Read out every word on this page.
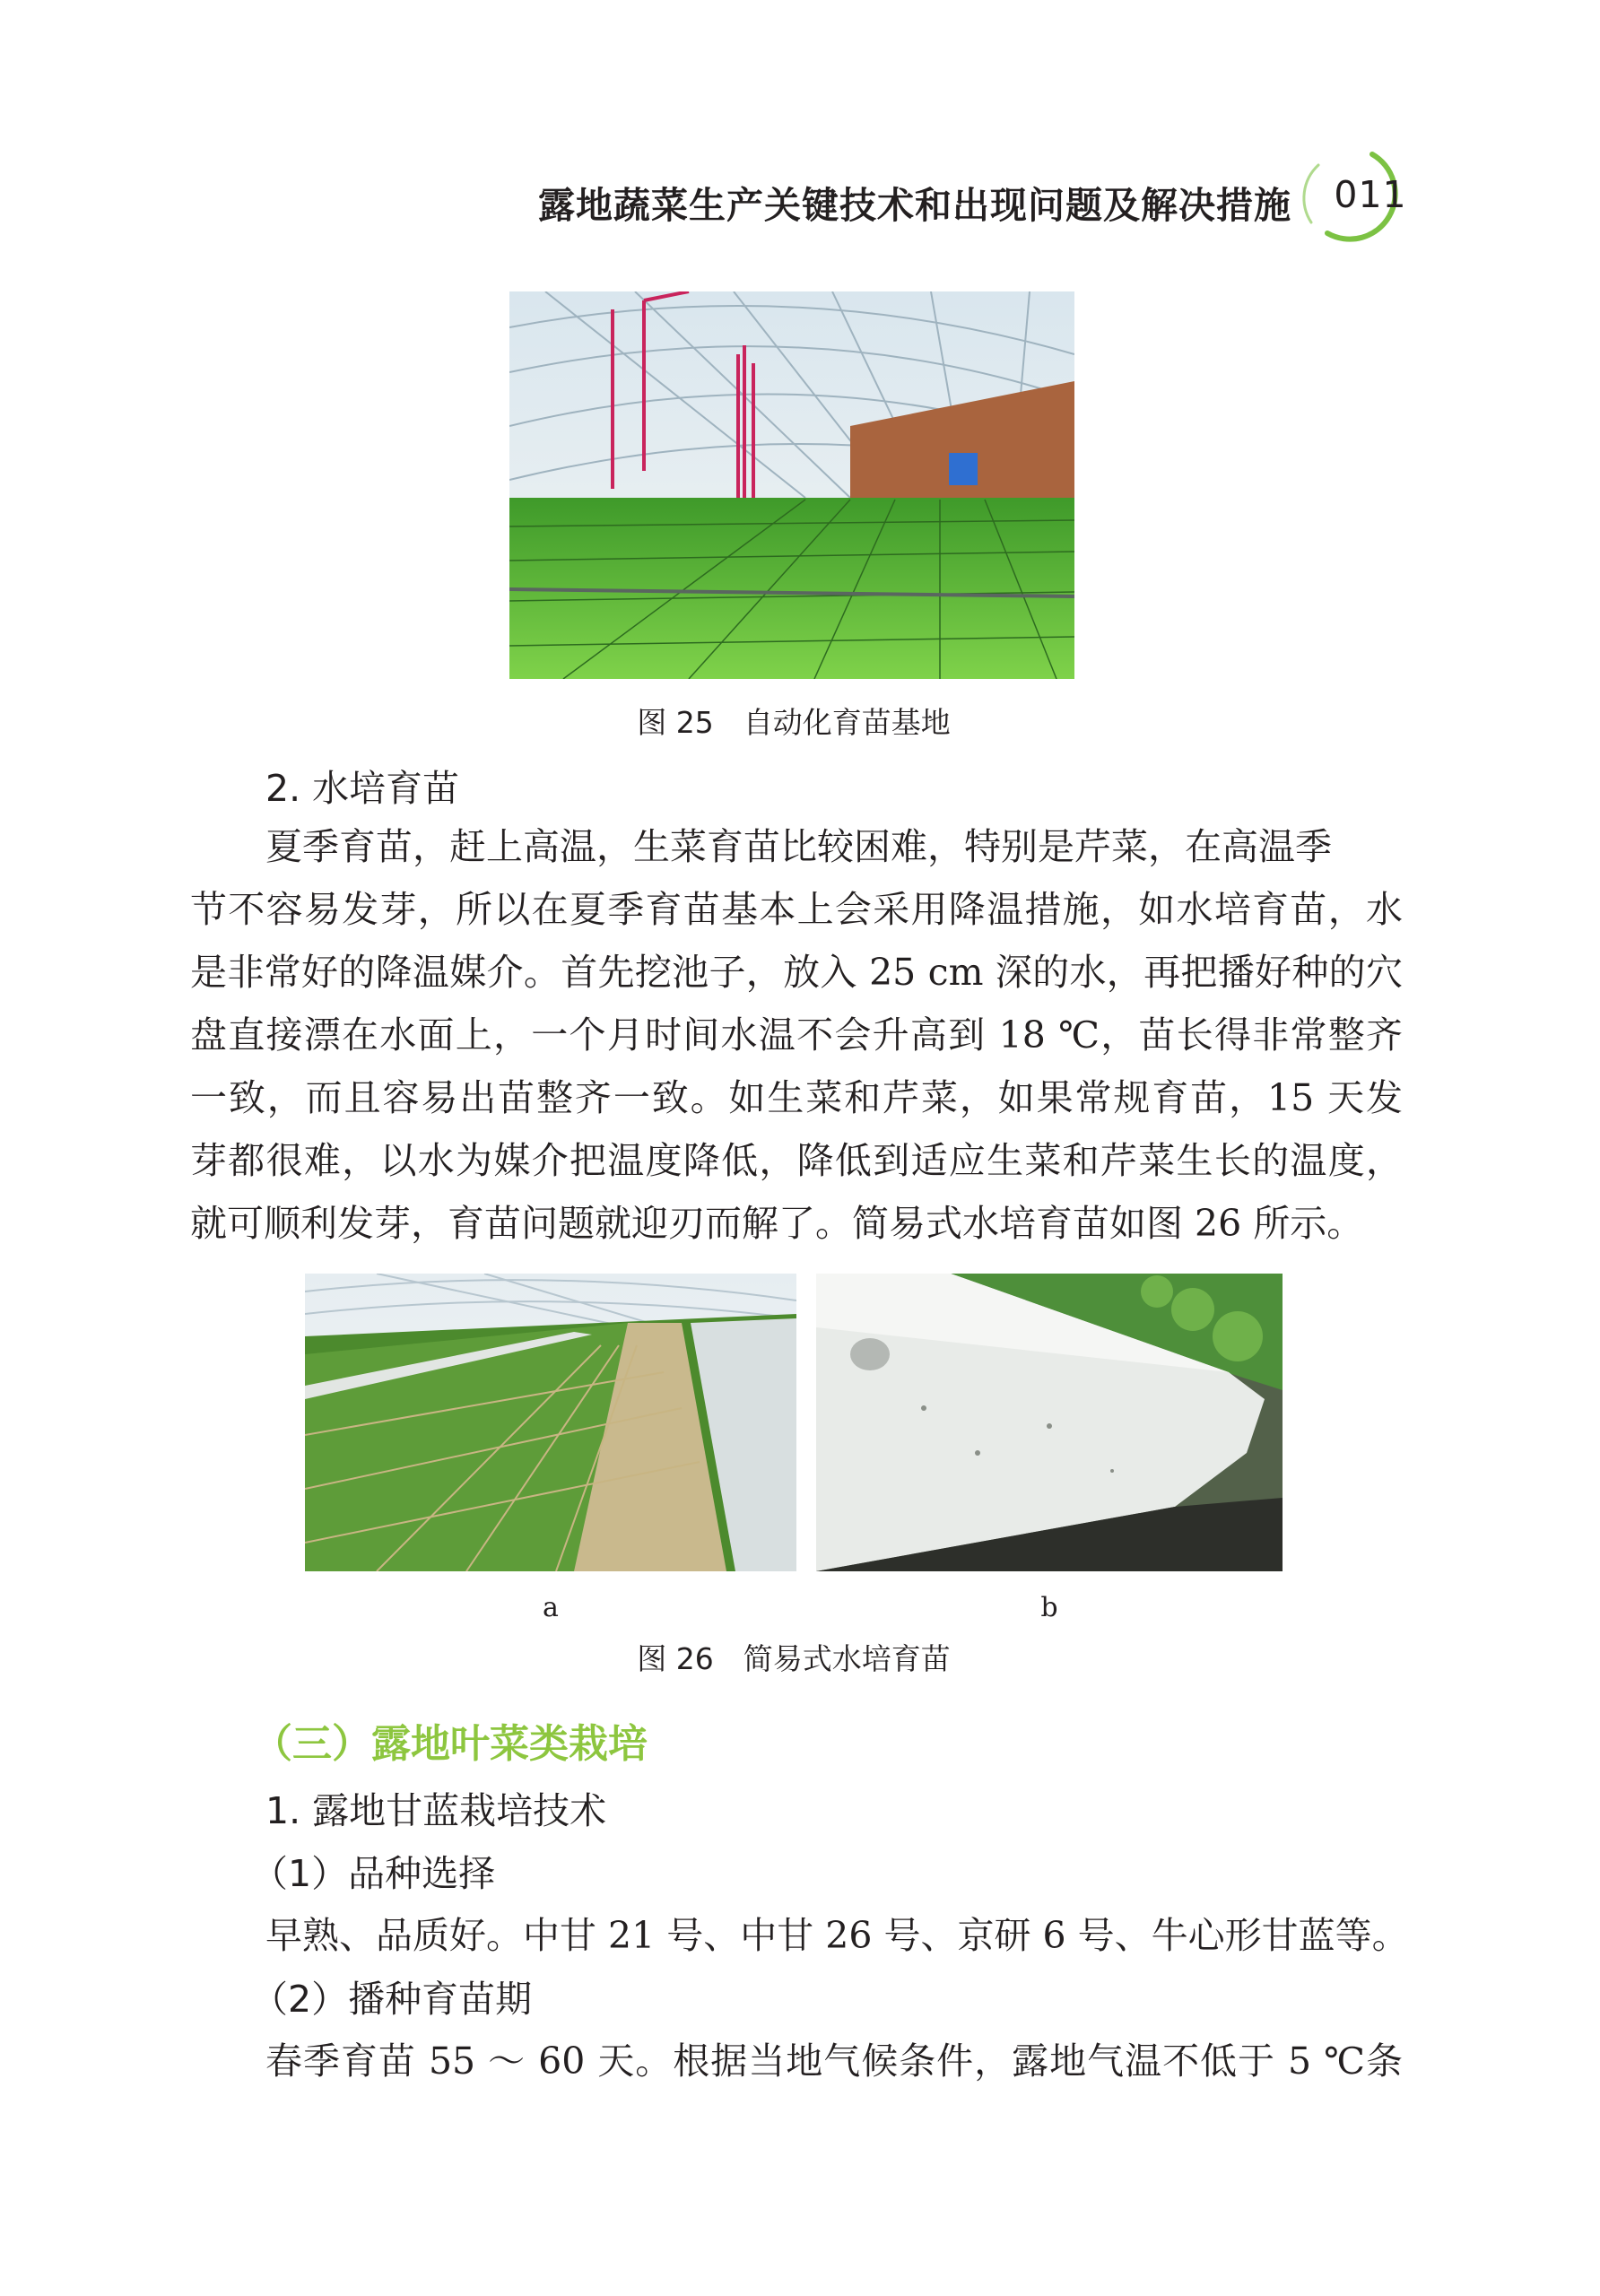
露地蔬菜生产关键技术和出现问题及解决措施 011
图 25　自动化育苗基地
2. 水培育苗
夏季育苗，赶上高温，生菜育苗比较困难，特别是芹菜，在高温季
节不容易发芽，所以在夏季育苗基本上会采用降温措施，如水培育苗，水
是非常好的降温媒介。首先挖池子，放入 25 cm 深的水，再把播好种的穴
盘直接漂在水面上，一个月时间水温不会升高到 18 ℃，苗长得非常整齐
一致，而且容易出苗整齐一致。如生菜和芹菜，如果常规育苗，15 天发
芽都很难，以水为媒介把温度降低，降低到适应生菜和芹菜生长的温度，
就可顺利发芽，育苗问题就迎刃而解了。简易式水培育苗如图 26 所示。
a	b
图 26　简易式水培育苗
（三）露地叶菜类栽培
1. 露地甘蓝栽培技术
（1）品种选择
早熟、品质好。中甘 21 号、中甘 26 号、京研 6 号、牛心形甘蓝等。
（2）播种育苗期
春季育苗 55 ～ 60 天。根据当地气候条件，露地气温不低于 5 ℃条
